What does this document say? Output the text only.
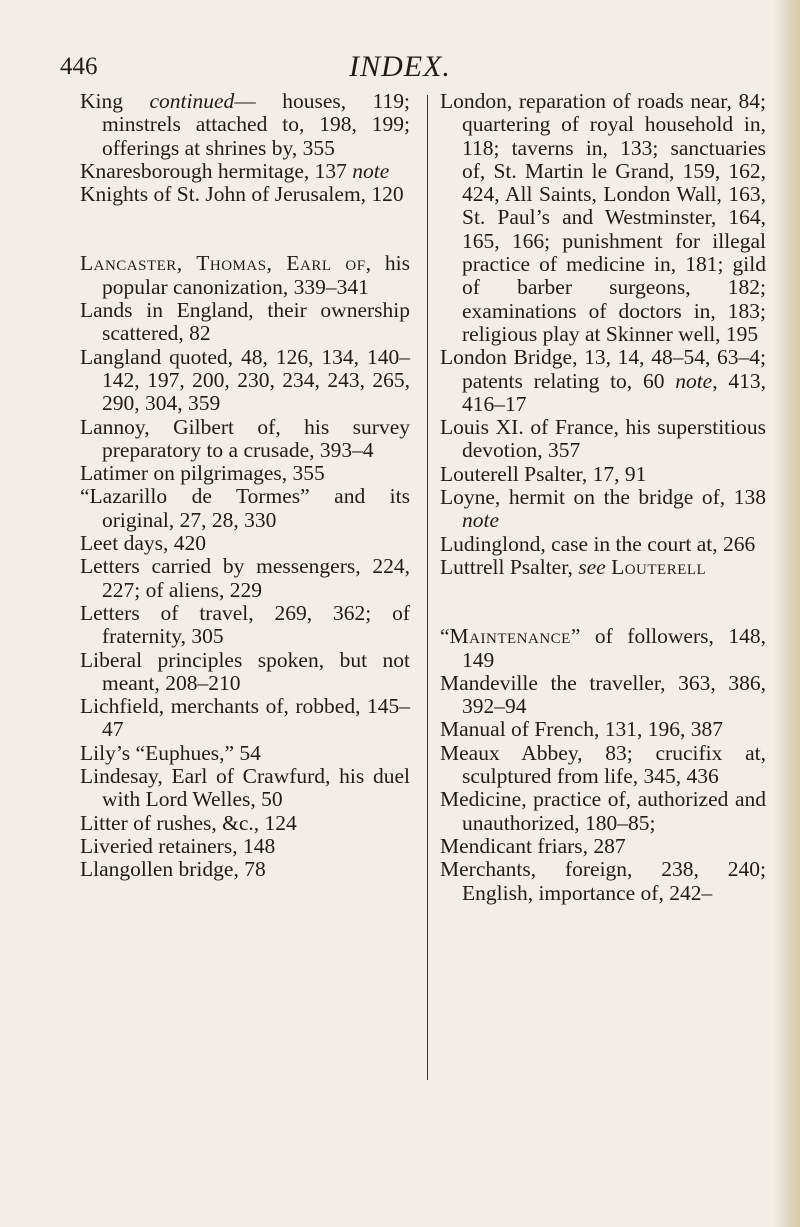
446	INDEX.

King continued— houses, 119; minstrels attached to, 198, 199; offerings at shrines by, 355

Knaresborough hermitage, 137 note

Knights of St. John of Jerusalem, 120

Lancaster, Thomas, Earl of, his popular canonization, 339–341

Lands in England, their ownership scattered, 82

Langland quoted, 48, 126, 134, 140–142, 197, 200, 230, 234, 243, 265, 290, 304, 359

Lannoy, Gilbert of, his survey preparatory to a crusade, 393–4

Latimer on pilgrimages, 355

“Lazarillo de Tormes” and its original, 27, 28, 330

Leet days, 420

Letters carried by messengers, 224, 227; of aliens, 229

Letters of travel, 269, 362; of fraternity, 305

Liberal principles spoken, but not meant, 208–210

Lichfield, merchants of, robbed, 145–47

Lily’s “Euphues,” 54

Lindesay, Earl of Crawfurd, his duel with Lord Welles, 50

Litter of rushes, &c., 124

Liveried retainers, 148

Llangollen bridge, 78

London, reparation of roads near, 84; quartering of royal household in, 118; taverns in, 133; sanctuaries of, St. Martin le Grand, 159, 162, 424, All Saints, London Wall, 163, St. Paul’s and Westminster, 164, 165, 166; punishment for illegal practice of medicine in, 181; gild of barber surgeons, 182; examinations of doctors in, 183; religious play at Skinner well, 195

London Bridge, 13, 14, 48–54, 63–4; patents relating to, 60 note, 413, 416–17

Louis XI. of France, his superstitious devotion, 357

Louterell Psalter, 17, 91

Loyne, hermit on the bridge of, 138 note

Ludinglond, case in the court at, 266

Luttrell Psalter, see Louterell

“Maintenance” of followers, 148, 149

Mandeville the traveller, 363, 386, 392–94

Manual of French, 131, 196, 387

Meaux Abbey, 83; crucifix at, sculptured from life, 345, 436

Medicine, practice of, authorized and unauthorized, 180–85;

Mendicant friars, 287

Merchants, foreign, 238, 240; English, importance of, 242–
